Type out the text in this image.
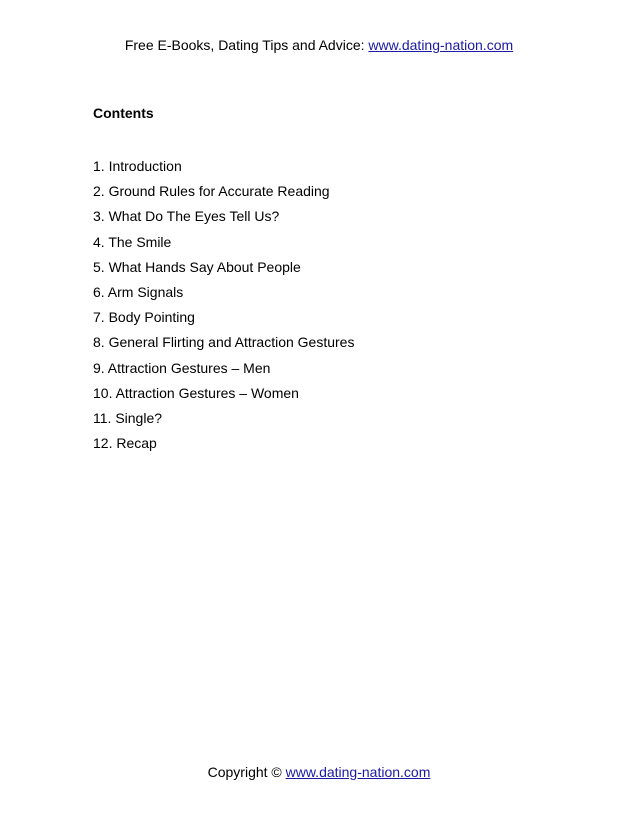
Free E-Books, Dating Tips and Advice: www.dating-nation.com
Contents
1. Introduction
2. Ground Rules for Accurate Reading
3. What Do The Eyes Tell Us?
4. The Smile
5. What Hands Say About People
6. Arm Signals
7. Body Pointing
8. General Flirting and Attraction Gestures
9. Attraction Gestures – Men
10. Attraction Gestures – Women
11. Single?
12. Recap
Copyright © www.dating-nation.com
